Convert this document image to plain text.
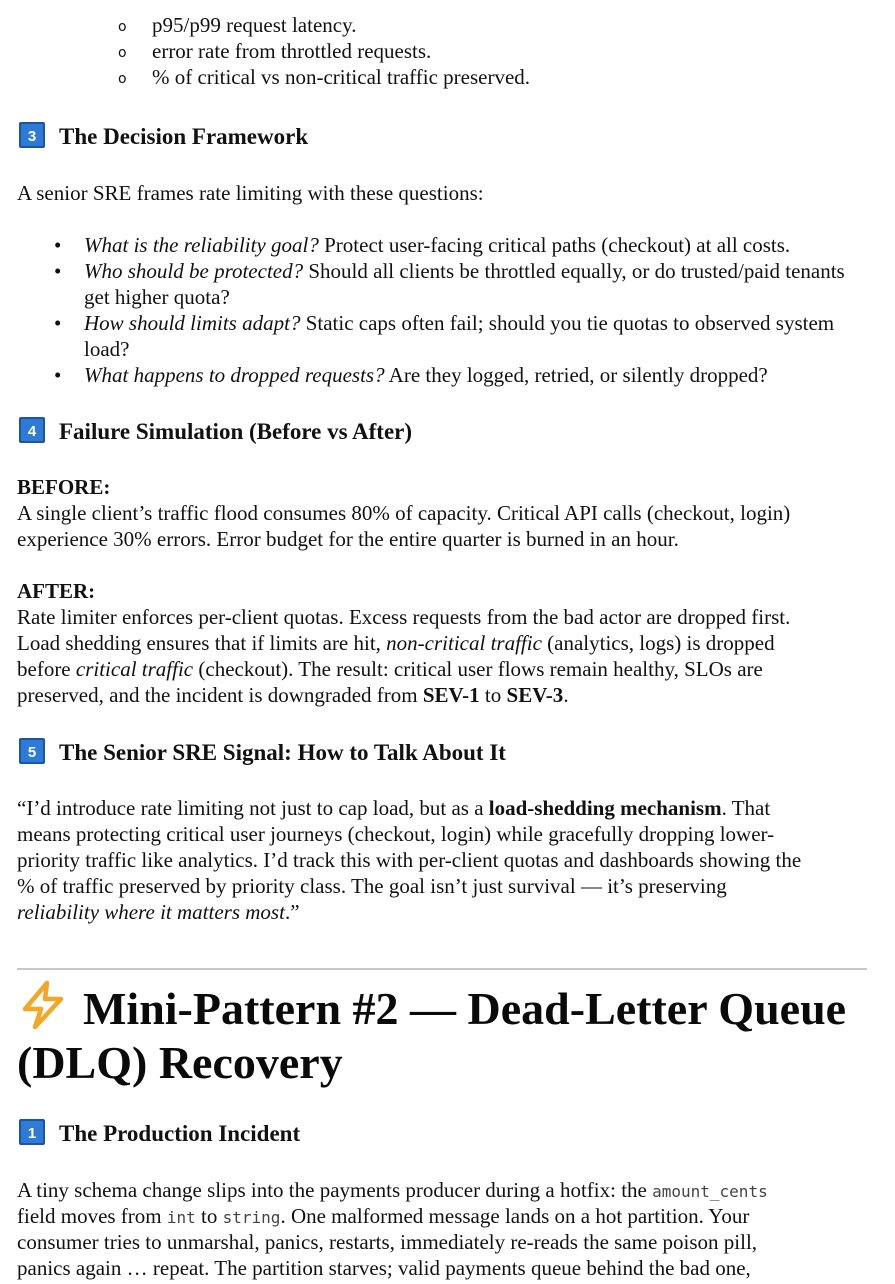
o p95/p99 request latency.
o error rate from throttled requests.
o % of critical vs non-critical traffic preserved.
3 The Decision Framework
A senior SRE frames rate limiting with these questions:
• What is the reliability goal? Protect user-facing critical paths (checkout) at all costs.
• Who should be protected? Should all clients be throttled equally, or do trusted/paid tenants get higher quota?
• How should limits adapt? Static caps often fail; should you tie quotas to observed system load?
• What happens to dropped requests? Are they logged, retried, or silently dropped?
4 Failure Simulation (Before vs After)
BEFORE:
A single client’s traffic flood consumes 80% of capacity. Critical API calls (checkout, login)
experience 30% errors. Error budget for the entire quarter is burned in an hour.
AFTER:
Rate limiter enforces per-client quotas. Excess requests from the bad actor are dropped first.
Load shedding ensures that if limits are hit, non-critical traffic (analytics, logs) is dropped
before critical traffic (checkout). The result: critical user flows remain healthy, SLOs are
preserved, and the incident is downgraded from SEV-1 to SEV-3.
5 The Senior SRE Signal: How to Talk About It
“I’d introduce rate limiting not just to cap load, but as a load-shedding mechanism. That
means protecting critical user journeys (checkout, login) while gracefully dropping lower-
priority traffic like analytics. I’d track this with per-client quotas and dashboards showing the
% of traffic preserved by priority class. The goal isn’t just survival — it’s preserving
reliability where it matters most.”
Mini-Pattern #2 — Dead-Letter Queue
(DLQ) Recovery
1 The Production Incident
A tiny schema change slips into the payments producer during a hotfix: the amount_cents
field moves from int to string. One malformed message lands on a hot partition. Your
consumer tries to unmarshal, panics, restarts, immediately re-reads the same poison pill,
panics again … repeat. The partition starves; valid payments queue behind the bad one,
